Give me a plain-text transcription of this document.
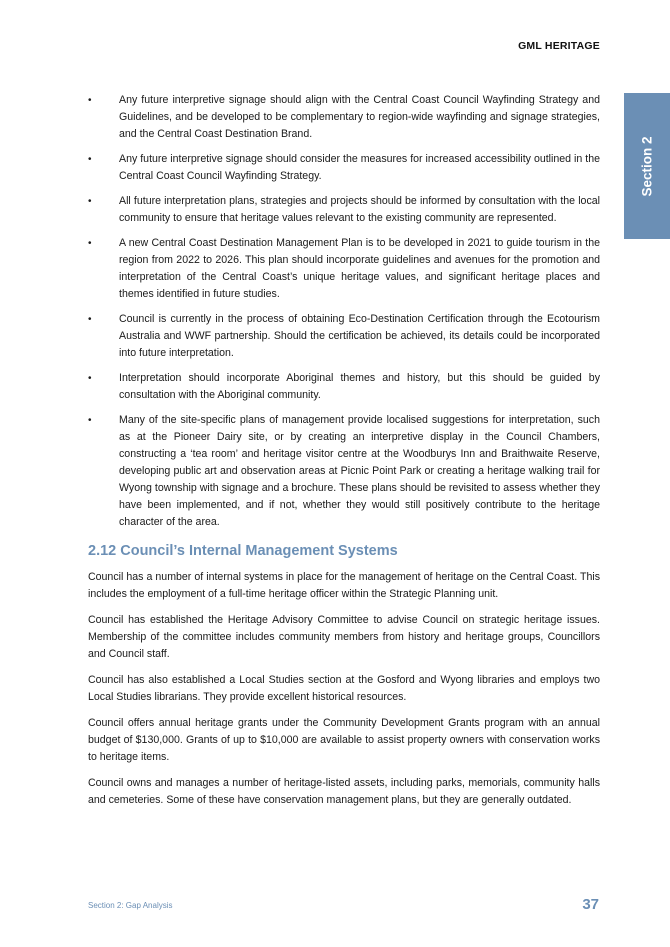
GML HERITAGE
Section 2
•	Any future interpretive signage should align with the Central Coast Council Wayfinding Strategy and Guidelines, and be developed to be complementary to region-wide wayfinding and signage strategies, and the Central Coast Destination Brand.
•	Any future interpretive signage should consider the measures for increased accessibility outlined in the Central Coast Council Wayfinding Strategy.
•	All future interpretation plans, strategies and projects should be informed by consultation with the local community to ensure that heritage values relevant to the existing community are represented.
•	A new Central Coast Destination Management Plan is to be developed in 2021 to guide tourism in the region from 2022 to 2026. This plan should incorporate guidelines and avenues for the promotion and interpretation of the Central Coast’s unique heritage values, and significant heritage places and themes identified in future studies.
•	Council is currently in the process of obtaining Eco-Destination Certification through the Ecotourism Australia and WWF partnership. Should the certification be achieved, its details could be incorporated into future interpretation.
•	Interpretation should incorporate Aboriginal themes and history, but this should be guided by consultation with the Aboriginal community.
•	Many of the site-specific plans of management provide localised suggestions for interpretation, such as at the Pioneer Dairy site, or by creating an interpretive display in the Council Chambers, constructing a ‘tea room’ and heritage visitor centre at the Woodburys Inn and Braithwaite Reserve, developing public art and observation areas at Picnic Point Park or creating a heritage walking trail for Wyong township with signage and a brochure. These plans should be revisited to assess whether they have been implemented, and if not, whether they would still positively contribute to the heritage character of the area.
2.12 Council’s Internal Management Systems

Council has a number of internal systems in place for the management of heritage on the Central Coast. This includes the employment of a full-time heritage officer within the Strategic Planning unit.

Council has established the Heritage Advisory Committee to advise Council on strategic heritage issues. Membership of the committee includes community members from history and heritage groups, Councillors and Council staff.

Council has also established a Local Studies section at the Gosford and Wyong libraries and employs two Local Studies librarians. They provide excellent historical resources.

Council offers annual heritage grants under the Community Development Grants program with an annual budget of $130,000. Grants of up to $10,000 are available to assist property owners with conservation works to heritage items.

Council owns and manages a number of heritage-listed assets, including parks, memorials, community halls and cemeteries. Some of these have conservation management plans, but they are generally outdated.

Section 2: Gap Analysis	37
